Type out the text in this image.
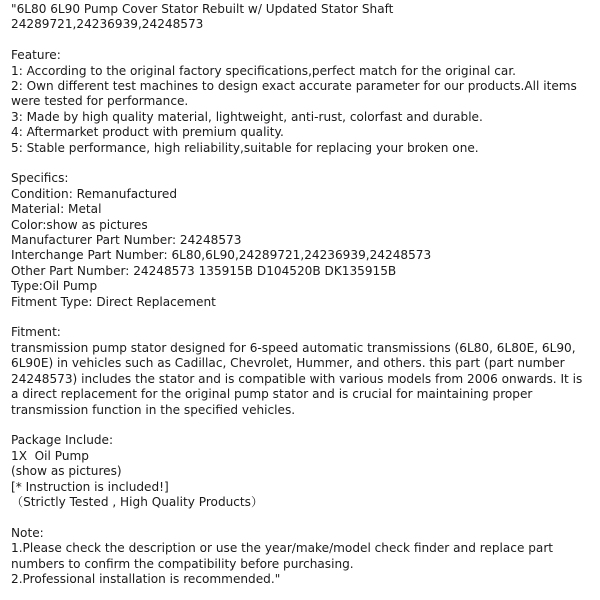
"6L80 6L90 Pump Cover Stator Rebuilt w/ Updated Stator Shaft
24289721,24236939,24248573
Feature:
1: According to the original factory specifications,perfect match for the original car.
2: Own different test machines to design exact accurate parameter for our products.All items
were tested for performance.
3: Made by high quality material, lightweight, anti-rust, colorfast and durable.
4: Aftermarket product with premium quality.
5: Stable performance, high reliability,suitable for replacing your broken one.
Specifics:
Condition: Remanufactured
Material: Metal
Color:show as pictures
Manufacturer Part Number: 24248573
Interchange Part Number: 6L80,6L90,24289721,24236939,24248573
Other Part Number: 24248573 135915B D104520B DK135915B
Type:Oil Pump
Fitment Type: Direct Replacement
Fitment:
transmission pump stator designed for 6-speed automatic transmissions (6L80, 6L80E, 6L90,
6L90E) in vehicles such as Cadillac, Chevrolet, Hummer, and others. this part (part number
24248573) includes the stator and is compatible with various models from 2006 onwards. It is
a direct replacement for the original pump stator and is crucial for maintaining proper
transmission function in the specified vehicles.
Package Include:
1X  Oil Pump
(show as pictures)
[* Instruction is included!]
（Strictly Tested , High Quality Products）
Note:
1.Please check the description or use the year/make/model check finder and replace part
numbers to confirm the compatibility before purchasing.
2.Professional installation is recommended."
